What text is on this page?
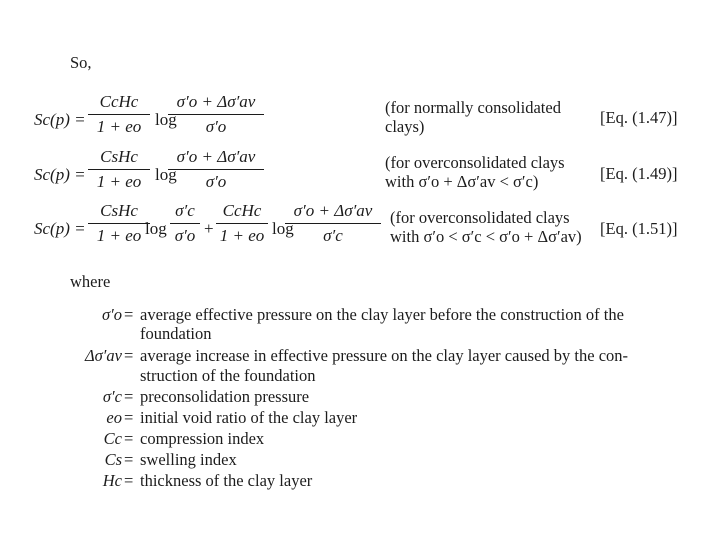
So,
Sc(p) =
CcHc
1 + eo log
σ′o + Δσ′av
σ′o
(for normally consolidated
clays)	[Eq. (1.47)]
Sc(p) =
CsHc
1 + eo log
σ′o + Δσ′av
σ′o
(for overconsolidated clays
with σ′o + Δσ′av < σ′c)	[Eq. (1.49)]
Sc(p) =
CsHc
1 + eo log
σ′c
σ′o +
CcHc
1 + eo log
σ′o + Δσ′av
σ′c
(for overconsolidated clays
with σ′o < σ′c < σ′o + Δσ′av) [Eq. (1.51)]
where
σ′o = average effective pressure on the clay layer before the construction of the
foundation
Δσ′av = average increase in effective pressure on the clay layer caused by the con-
struction of the foundation
σ′c = preconsolidation pressure
eo = initial void ratio of the clay layer
Cc = compression index
Cs = swelling index
Hc = thickness of the clay layer
